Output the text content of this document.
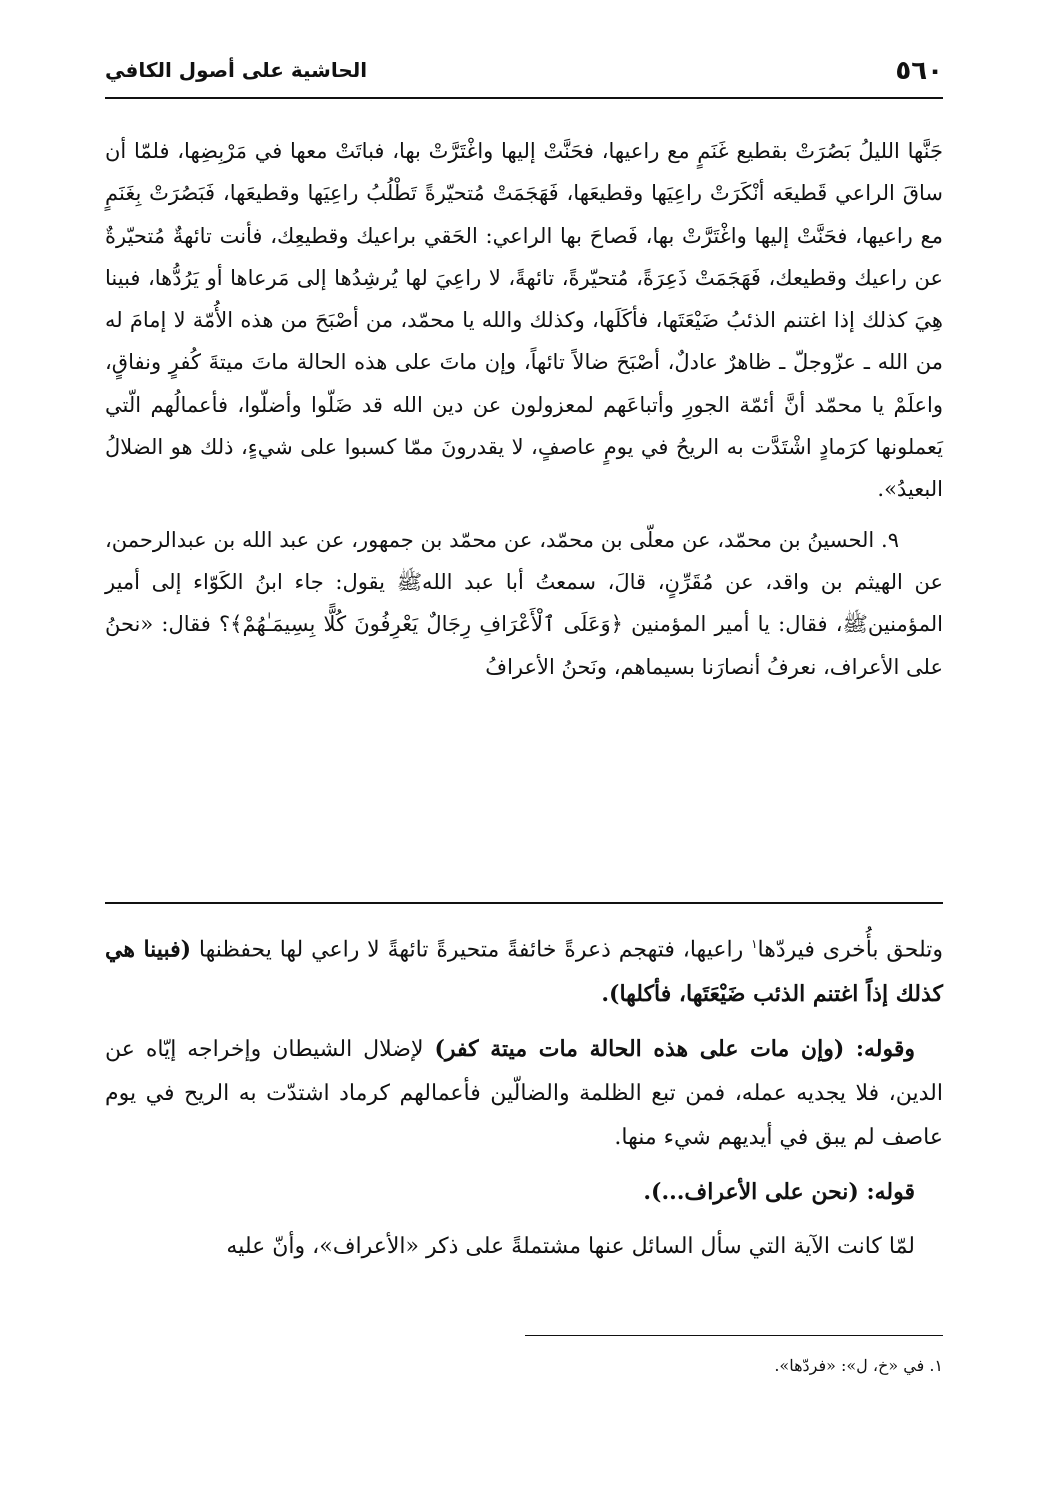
٥٦٠
الحاشية على أصول الكافي

جَنَّها الليلُ بَصُرَتْ بقطيع غَنَمٍ مع راعيها، فحَنَّتْ إليها واغْتَرَّتْ بها، فباتَتْ معها في مَرْبِضِها، فلمّا أن ساقَ الراعي قَطيعَه أنْكَرَتْ راعِيَها وقطيعَها، فَهَجَمَتْ مُتحيّرةً تَطْلُبُ راعِيَها وقطيعَها، فَبَصُرَتْ بِغَنَمٍ مع راعيها، فحَنَّتْ إليها واغْتَرَّتْ بها، فَصاحَ بها الراعي: الحَقي براعيك وقطيعِك، فأنت تائهةٌ مُتحيّرةٌ عن راعيك وقطيعك، فَهَجَمَتْ ذَعِرَةً، مُتحيّرةً، تائهةً، لا راعِيَ لها يُرشِدُها إلى مَرعاها أو يَرُدُّها، فبينا هِيَ كذلك إذا اغتنم الذئبُ ضَيْعَتَها، فأكَلَها، وكذلك والله يا محمّد، من أصْبَحَ من هذه الأُمّة لا إمامَ له من الله ـ عزّوجلّ ـ ظاهرٌ عادلٌ، أصْبَحَ ضالاً تائهاً، وإن ماتَ على هذه الحالة ماتَ ميتةَ كُفرٍ ونفاقٍ، واعلَمْ يا محمّد أنَّ أئمّة الجورِ وأتباعَهم لمعزولون عن دين الله قد ضَلّوا وأضلّوا، فأعمالُهم الّتي يَعملونها كرَمادٍ اشْتَدَّت به الريحُ في يومٍ عاصفٍ، لا يقدرونَ ممّا كسبوا على شيءٍ، ذلك هو الضلالُ البعيدُ».

٩. الحسينُ بن محمّد، عن معلّى بن محمّد، عن محمّد بن جمهور، عن عبد الله بن عبدالرحمن، عن الهيثم بن واقد، عن مُقَرِّنٍ، قالَ، سمعتُ أبا عبد اللهﷺ يقول: جاء ابنُ الكَوّاء إلى أمير المؤمنينﷺ، فقال: يا أمير المؤمنين ﴿وَعَلَى ٱلْأَعْرَافِ رِجَالٌ يَعْرِفُونَ كُلًّا بِسِيمَـٰهُمْ﴾؟ فقال: «نحنُ على الأعراف، نعرفُ أنصارَنا بسيماهم، ونَحنُ الأعرافُ

وتلحق بأُخرى فيردّها$^١$ راعيها، فتهجم ذعرةً خائفةً متحيرةً تائهةً لا راعي لها يحفظنها (فبينا هي كذلك إذاً اغتنم الذئب ضَيْعَتَها، فأكلها).

وقوله: (وإن مات على هذه الحالة مات ميتة كفر) لإضلال الشيطان وإخراجه إيّاه عن الدين، فلا يجديه عمله، فمن تبع الظلمة والضالّين فأعمالهم كرماد اشتدّت به الريح في يوم عاصف لم يبق في أيديهم شيء منها.

قوله: (نحن على الأعراف...).

لمّا كانت الآية التي سأل السائل عنها مشتملةً على ذكر «الأعراف»، وأنّ عليه

١. في «خ، ل»: «فردّها».
